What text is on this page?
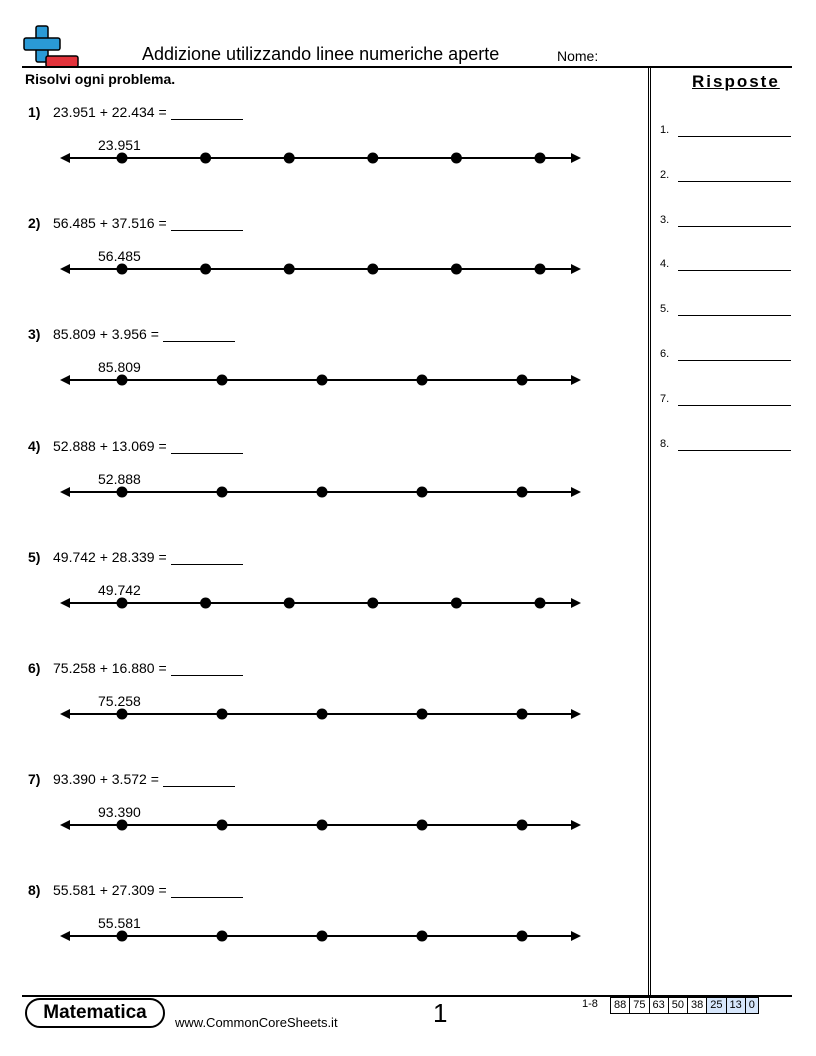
Addizione utilizzando linee numeriche aperte	Nome:
Risolvi ogni problema.	Risposte
1) 23.951 + 22.434 =
23.951
2) 56.485 + 37.516 =
56.485
3) 85.809 + 3.956 =
85.809
4) 52.888 + 13.069 =
52.888
5) 49.742 + 28.339 =
49.742
6) 75.258 + 16.880 =
75.258
7) 93.390 + 3.572 =
93.390
8) 55.581 + 27.309 =
55.581
1.
2.
3.
4.
5.
6.
7.
8.
Matematica	www.CommonCoreSheets.it	1	1-8 88 75 63 50 38 25 13 0
